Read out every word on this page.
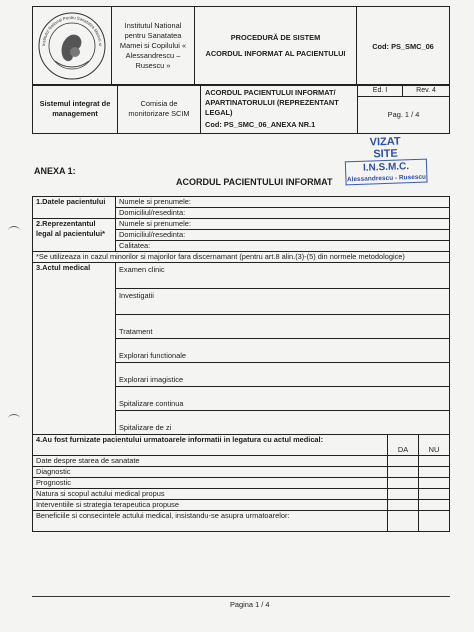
Institutul National Pentru Sanatatea Mamei si
	Institutul National pentru Sanatatea Mamei si Copilului « Alessandrescu – Rusescu »	
PROCEDURĂ DE SISTEM
ACORDUL INFORMAT AL PACIENTULUI
	Cod: PS_SMC_06
Sistemul integrat de management	Comisia de monitorizare SCIM	
ACORDUL PACIENTULUI INFORMAT/ APARTINATORULUI (REPREZENTANT LEGAL)
Cod: PS_SMC_06_ANEXA NR.1
	Ed. I	Rev. 4
Pag. 1 / 4
ANEXA 1:
ACORDUL PACIENTULUI INFORMAT
VIZAT
SITE
I.N.S.M.C.
Alessandrescu - Rusescu
1.Datele pacientului	Numele si prenumele:		
	Domiciliul/resedinta:		
2.Reprezentantul legal al pacientului*	Numele si prenumele:		
	Domiciliul/resedinta:		
	Calitatea:		
*Se utilizeaza in cazul minorilor si majorilor fara discernamant (pentru art.8 alin.(3)-(5) din normele metodologice)			
3.Actul medical	Examen clinic		
	Investigatii		
	Tratament		
	Explorari functionale		
	Explorari imagistice		
	Spitalizare continua		
	Spitalizare de zi		
4.Au fost furnizate pacientului urmatoarele informatii in legatura cu actul medical:		DA	NU
Date despre starea de sanatate			
Diagnostic			
Prognostic			
Natura si scopul actului medical propus			
Interventiile si strategia terapeutica propuse			
Beneficiile si consecintele actului medical, insistandu-se asupra urmatoarelor:			
Pagina 1 / 4
